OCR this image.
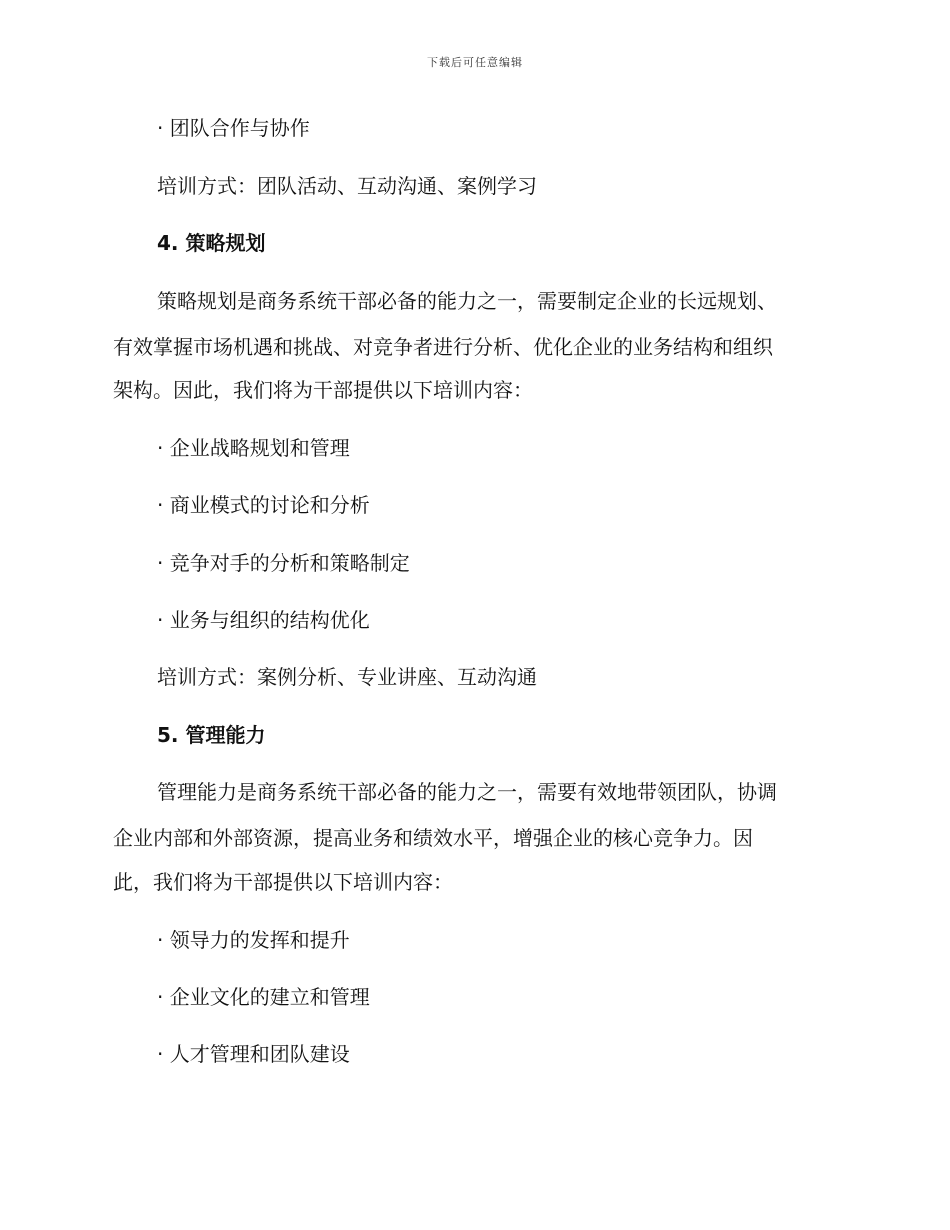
下载后可任意编辑
· 团队合作与协作
培训方式：团队活动、互动沟通、案例学习
4. 策略规划
策略规划是商务系统干部必备的能力之一，需要制定企业的长远规划、
有效掌握市场机遇和挑战、对竞争者进行分析、优化企业的业务结构和组织
架构。因此，我们将为干部提供以下培训内容：
· 企业战略规划和管理
· 商业模式的讨论和分析
· 竞争对手的分析和策略制定
· 业务与组织的结构优化
培训方式：案例分析、专业讲座、互动沟通
5. 管理能力
管理能力是商务系统干部必备的能力之一，需要有效地带领团队，协调
企业内部和外部资源，提高业务和绩效水平，增强企业的核心竞争力。因
此，我们将为干部提供以下培训内容：
· 领导力的发挥和提升
· 企业文化的建立和管理
· 人才管理和团队建设
